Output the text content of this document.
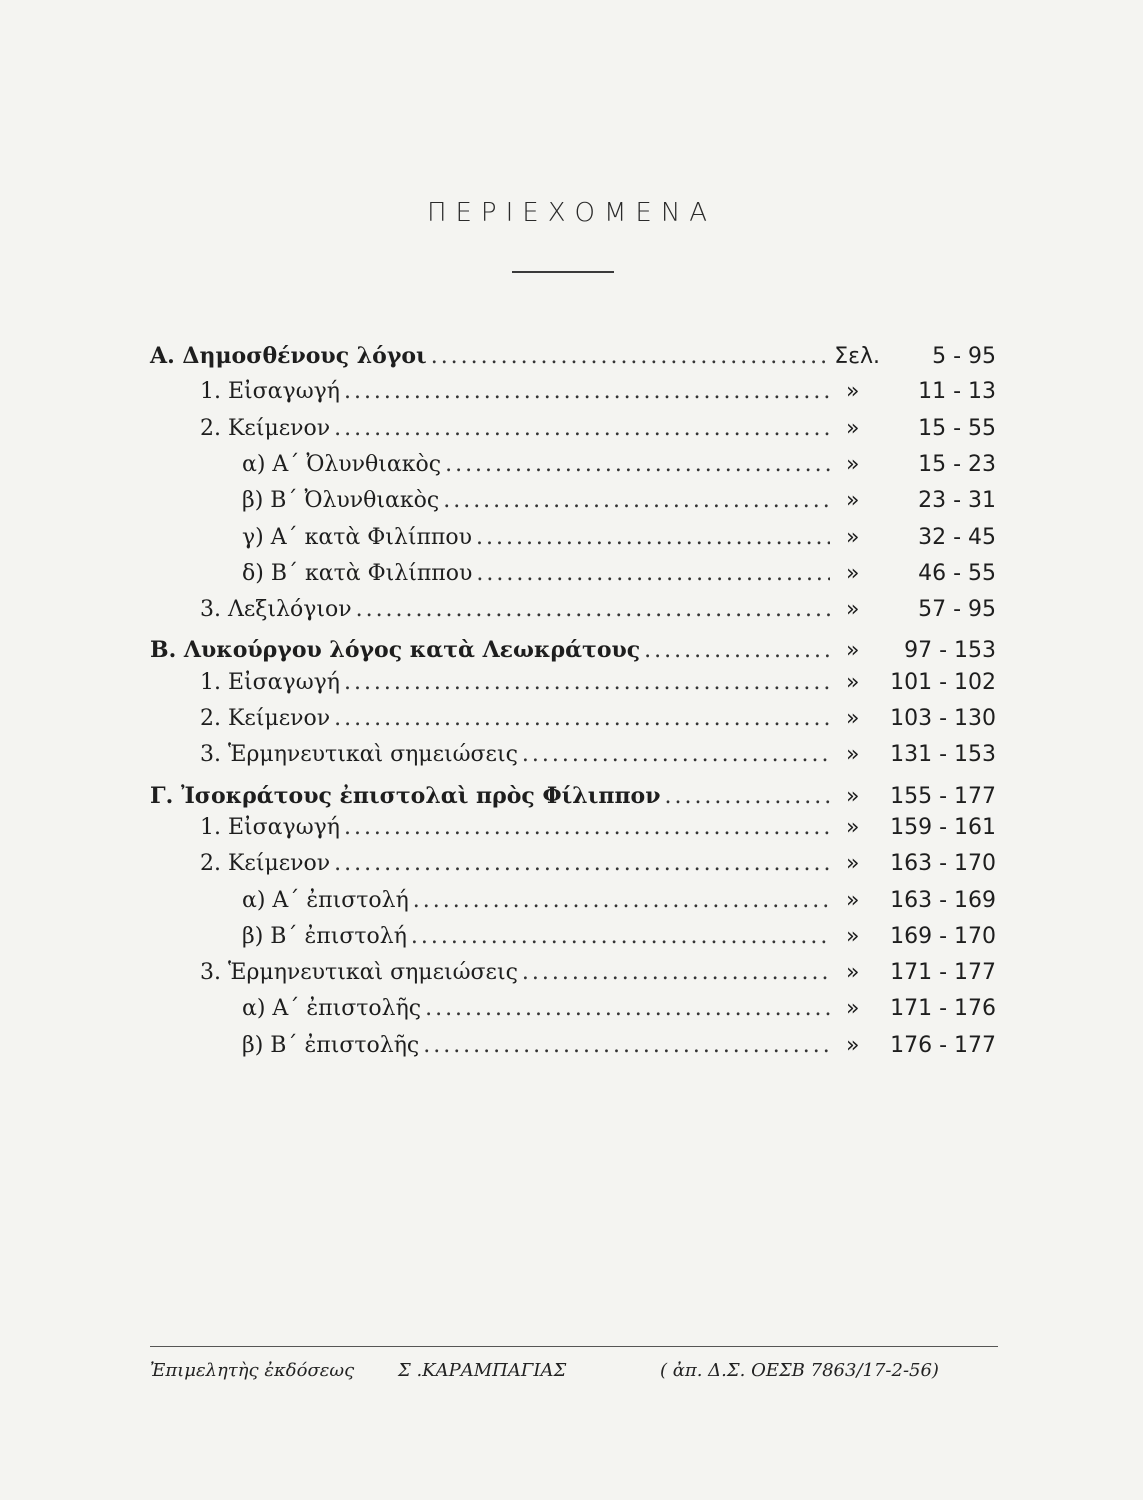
ΠΕΡΙΕΧΟΜΕΝΑ
A. Δημοσθένους λόγοι . . .	Σελ. 5 - 95
1. Εἰσαγωγή . . .	»	11 - 13
2. Κείμενον . . .	»	15 - 55
α) Α΄ Ὀλυνθιακὸς . . .	»	15 - 23
β) Β΄ Ὀλυνθιακὸς . . .	»	23 - 31
γ) Α΄ κατὰ Φιλίππου . . .	»	32 - 45
δ) Β΄ κατὰ Φιλίππου . . .	»	46 - 55
3. Λεξιλόγιον . . .	»	57 - 95
B. Λυκούργου λόγος κατὰ Λεωκράτους . . .	» 97 - 153
1. Εἰσαγωγή . . .	» 101 - 102
2. Κείμενον . . .	» 103 - 130
3. Ἑρμηνευτικαὶ σημειώσεις . . .	» 131 - 153
Γ. Ἰσοκράτους ἐπιστολαὶ πρὸς Φίλιππον . . .	» 155 - 177
1. Εἰσαγωγή . . .	» 159 - 161
2. Κείμενον . . .	» 163 - 170
α) Α΄ ἐπιστολή . . .	» 163 - 169
β) Β΄ ἐπιστολή . . .	» 169 - 170
3. Ἑρμηνευτικαὶ σημειώσεις . . .	» 171 - 177
α) Α΄ ἐπιστολῆς . . .	» 171 - 176
β) Β΄ ἐπιστολῆς . . .	» 176 - 177
Ἐπιμελητὴς ἐκδόσεως Σ .ΚΑΡΑΜΠΑΓΙΑΣ	( ἀπ. Δ.Σ. ΟΕΣΒ 7863/17-2-56)
